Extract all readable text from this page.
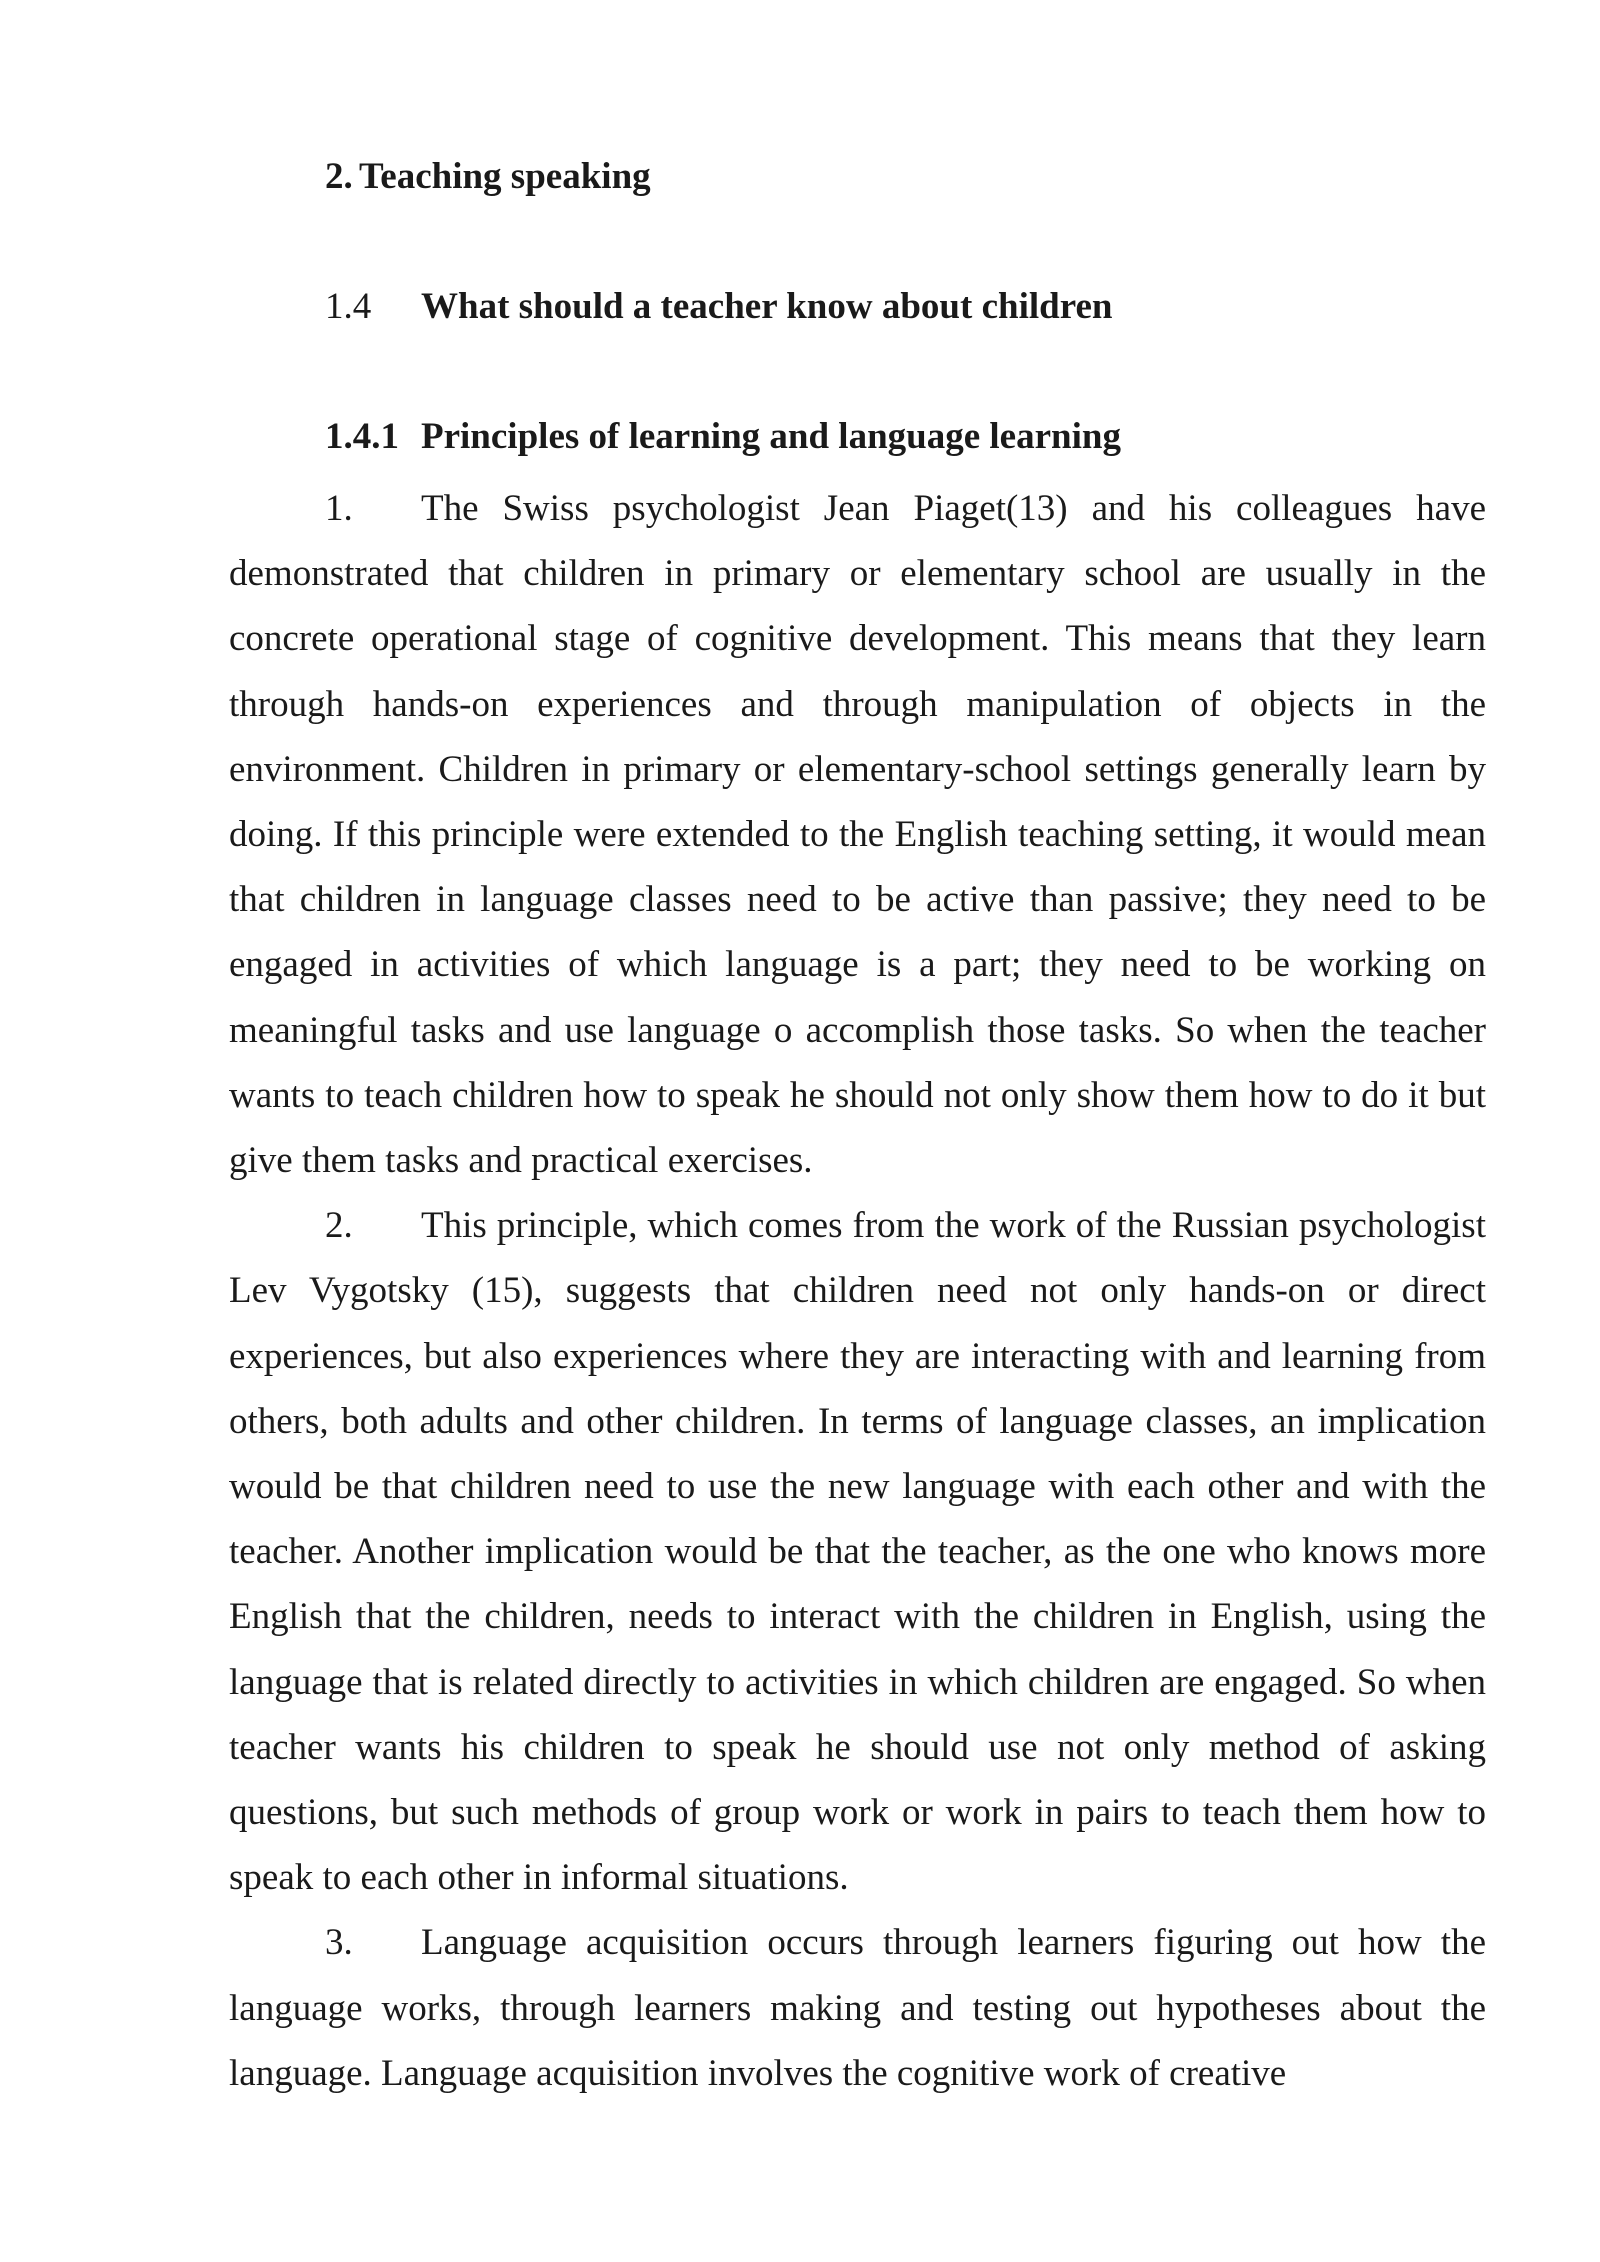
2. Teaching speaking
1.4 What should a teacher know about children
1.4.1 Principles of learning and language learning

1. The Swiss psychologist Jean Piaget(13) and his colleagues have demonstrated that children in primary or elementary school are usually in the concrete operational stage of cognitive development. This means that they learn through hands-on experiences and through manipulation of objects in the environment. Children in primary or elementary-school settings generally learn by doing. If this principle were extended to the English teaching setting, it would mean that children in language classes need to be active than passive; they need to be engaged in activities of which language is a part; they need to be working on meaningful tasks and use language o accomplish those tasks. So when the teacher wants to teach children how to speak he should not only show them how to do it but give them tasks and practical exercises.

2. This principle, which comes from the work of the Russian psychologist Lev Vygotsky (15), suggests that children need not only hands-on or direct experiences, but also experiences where they are interacting with and learning from others, both adults and other children. In terms of language classes, an implication would be that children need to use the new language with each other and with the teacher. Another implication would be that the teacher, as the one who knows more English that the children, needs to interact with the children in English, using the language that is related directly to activities in which children are engaged. So when teacher wants his children to speak he should use not only method of asking questions, but such methods of group work or work in pairs to teach them how to speak to each other in informal situations.

3. Language acquisition occurs through learners figuring out how the language works, through learners making and testing out hypotheses about the language. Language acquisition involves the cognitive work of creative
